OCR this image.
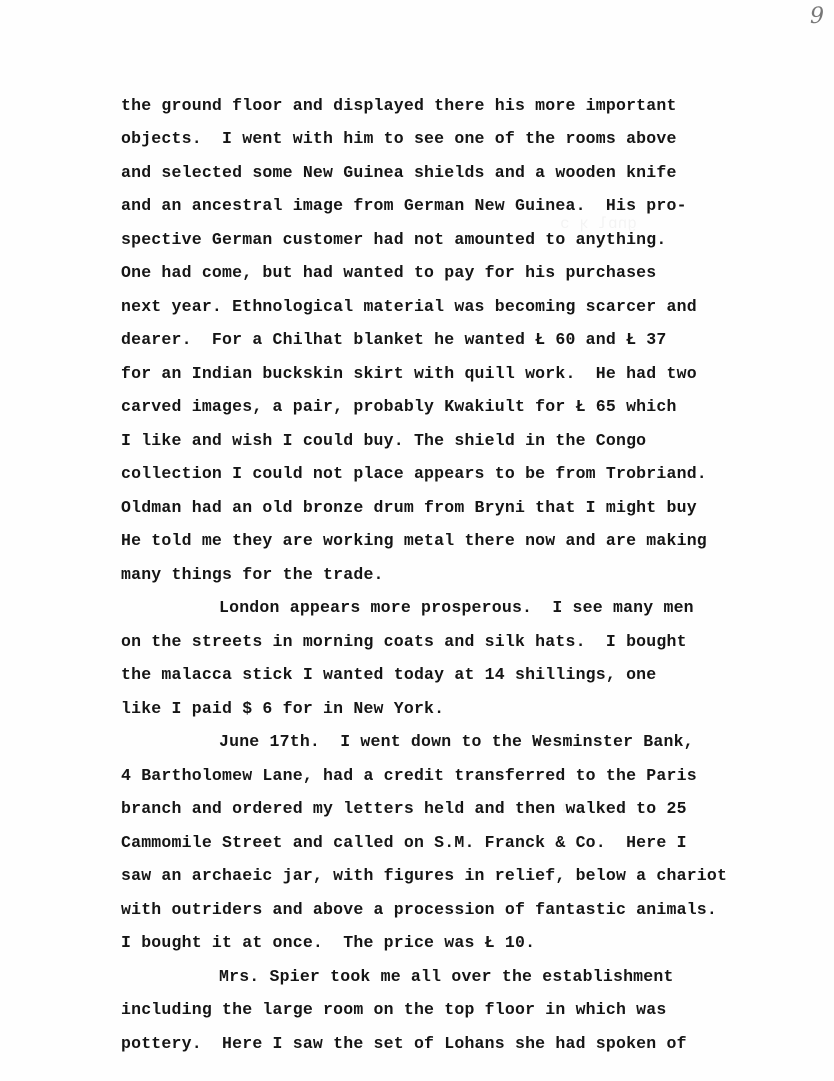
9
the ground floor and displayed there his more important
objects.  I went with him to see one of the rooms above
and selected some New Guinea shields and a wooden knife
and an ancestral image from German New Guinea.  His pro-
spective German customer had not amounted to anything.
One had come, but had wanted to pay for his purchases
next year. Ethnological material was becoming scarcer and
dearer.  For a Chilhat blanket he wanted Ł 60 and Ł 37
for an Indian buckskin skirt with quill work.  He had two
carved images, a pair, probably Kwakiult for Ł 65 which
I like and wish I could buy. The shield in the Congo
collection I could not place appears to be from Trobriand.
Oldman had an old bronze drum from Bryni that I might buy
He told me they are working metal there now and are making
many things for the trade.
London appears more prosperous.  I see many men
on the streets in morning coats and silk hats.  I bought
the malacca stick I wanted today at 14 shillings, one
like I paid $ 6 for in New York.
June 17th.  I went down to the Wesminster Bank,
4 Bartholomew Lane, had a credit transferred to the Paris
branch and ordered my letters held and then walked to 25
Cammomile Street and called on S.M. Franck & Co.  Here I
saw an archaeic jar, with figures in relief, below a chariot
with outriders and above a procession of fantastic animals.
I bought it at once.  The price was Ł 10.
Mrs. Spier took me all over the establishment
including the large room on the top floor in which was
pottery.  Here I saw the set of Lohans she had spoken of
